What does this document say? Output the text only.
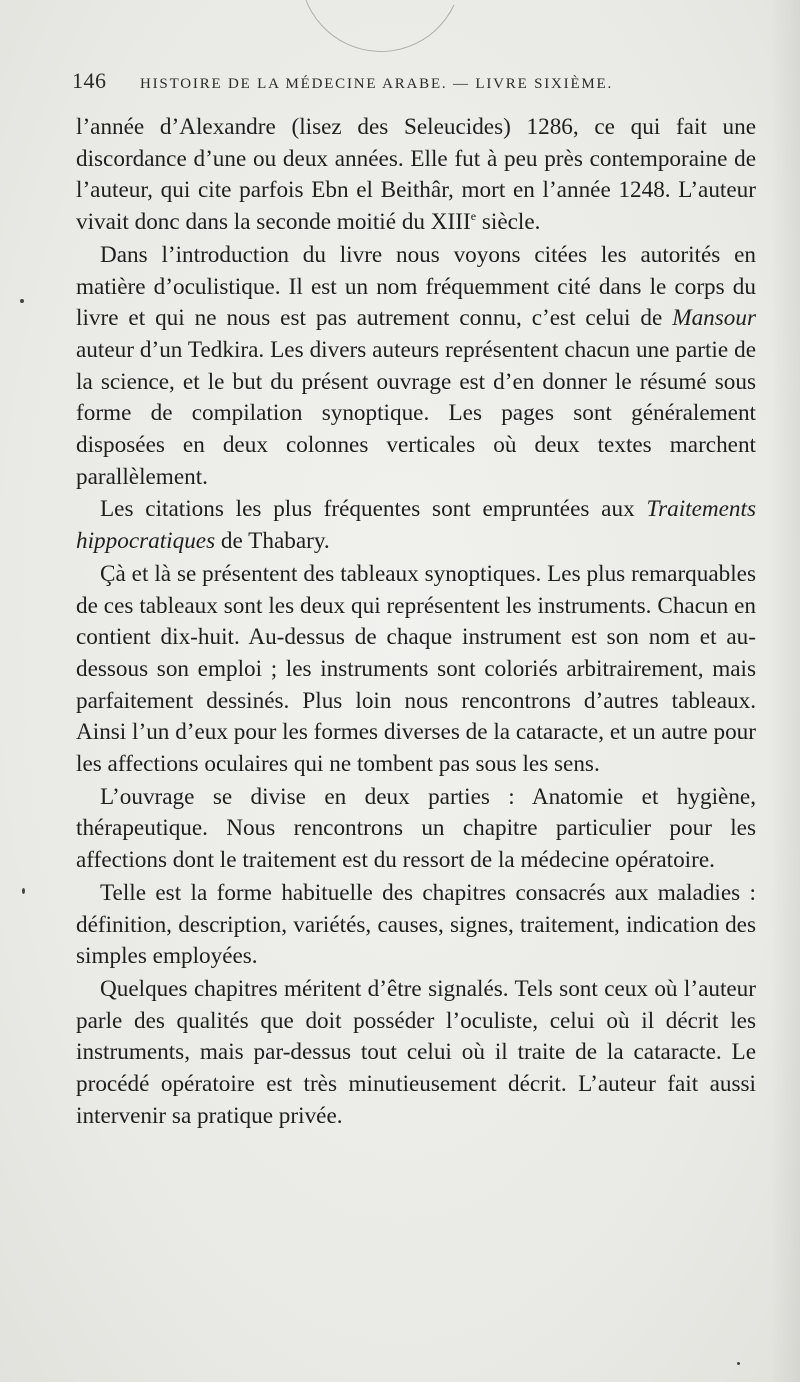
146	HISTOIRE DE LA MÉDECINE ARABE. — LIVRE SIXIÈME.

l’année d’Alexandre (lisez des Seleucides) 1286, ce qui fait une discordance d’une ou deux années. Elle fut à peu près contemporaine de l’auteur, qui cite parfois Ebn el Beithâr, mort en l’année 1248. L’auteur vivait donc dans la seconde moitié du XIIIe siècle.

Dans l’introduction du livre nous voyons citées les autorités en matière d’oculistique. Il est un nom fréquemment cité dans le corps du livre et qui ne nous est pas autrement connu, c’est celui de Mansour auteur d’un Tedkira. Les divers auteurs représentent chacun une partie de la science, et le but du présent ouvrage est d’en donner le résumé sous forme de compilation synoptique. Les pages sont généralement disposées en deux colonnes verticales où deux textes marchent parallèlement.

Les citations les plus fréquentes sont empruntées aux Traitements hippocratiques de Thabary.

Çà et là se présentent des tableaux synoptiques. Les plus remarquables de ces tableaux sont les deux qui représentent les instruments. Chacun en contient dix-huit. Au-dessus de chaque instrument est son nom et au-dessous son emploi ; les instruments sont coloriés arbitrairement, mais parfaitement dessinés. Plus loin nous rencontrons d’autres tableaux. Ainsi l’un d’eux pour les formes diverses de la cataracte, et un autre pour les affections oculaires qui ne tombent pas sous les sens.

L’ouvrage se divise en deux parties : Anatomie et hygiène, thérapeutique. Nous rencontrons un chapitre particulier pour les affections dont le traitement est du ressort de la médecine opératoire.

Telle est la forme habituelle des chapitres consacrés aux maladies : définition, description, variétés, causes, signes, traitement, indication des simples employées.

Quelques chapitres méritent d’être signalés. Tels sont ceux où l’auteur parle des qualités que doit posséder l’oculiste, celui où il décrit les instruments, mais par-dessus tout celui où il traite de la cataracte. Le procédé opératoire est très minutieusement décrit. L’auteur fait aussi intervenir sa pratique privée.
